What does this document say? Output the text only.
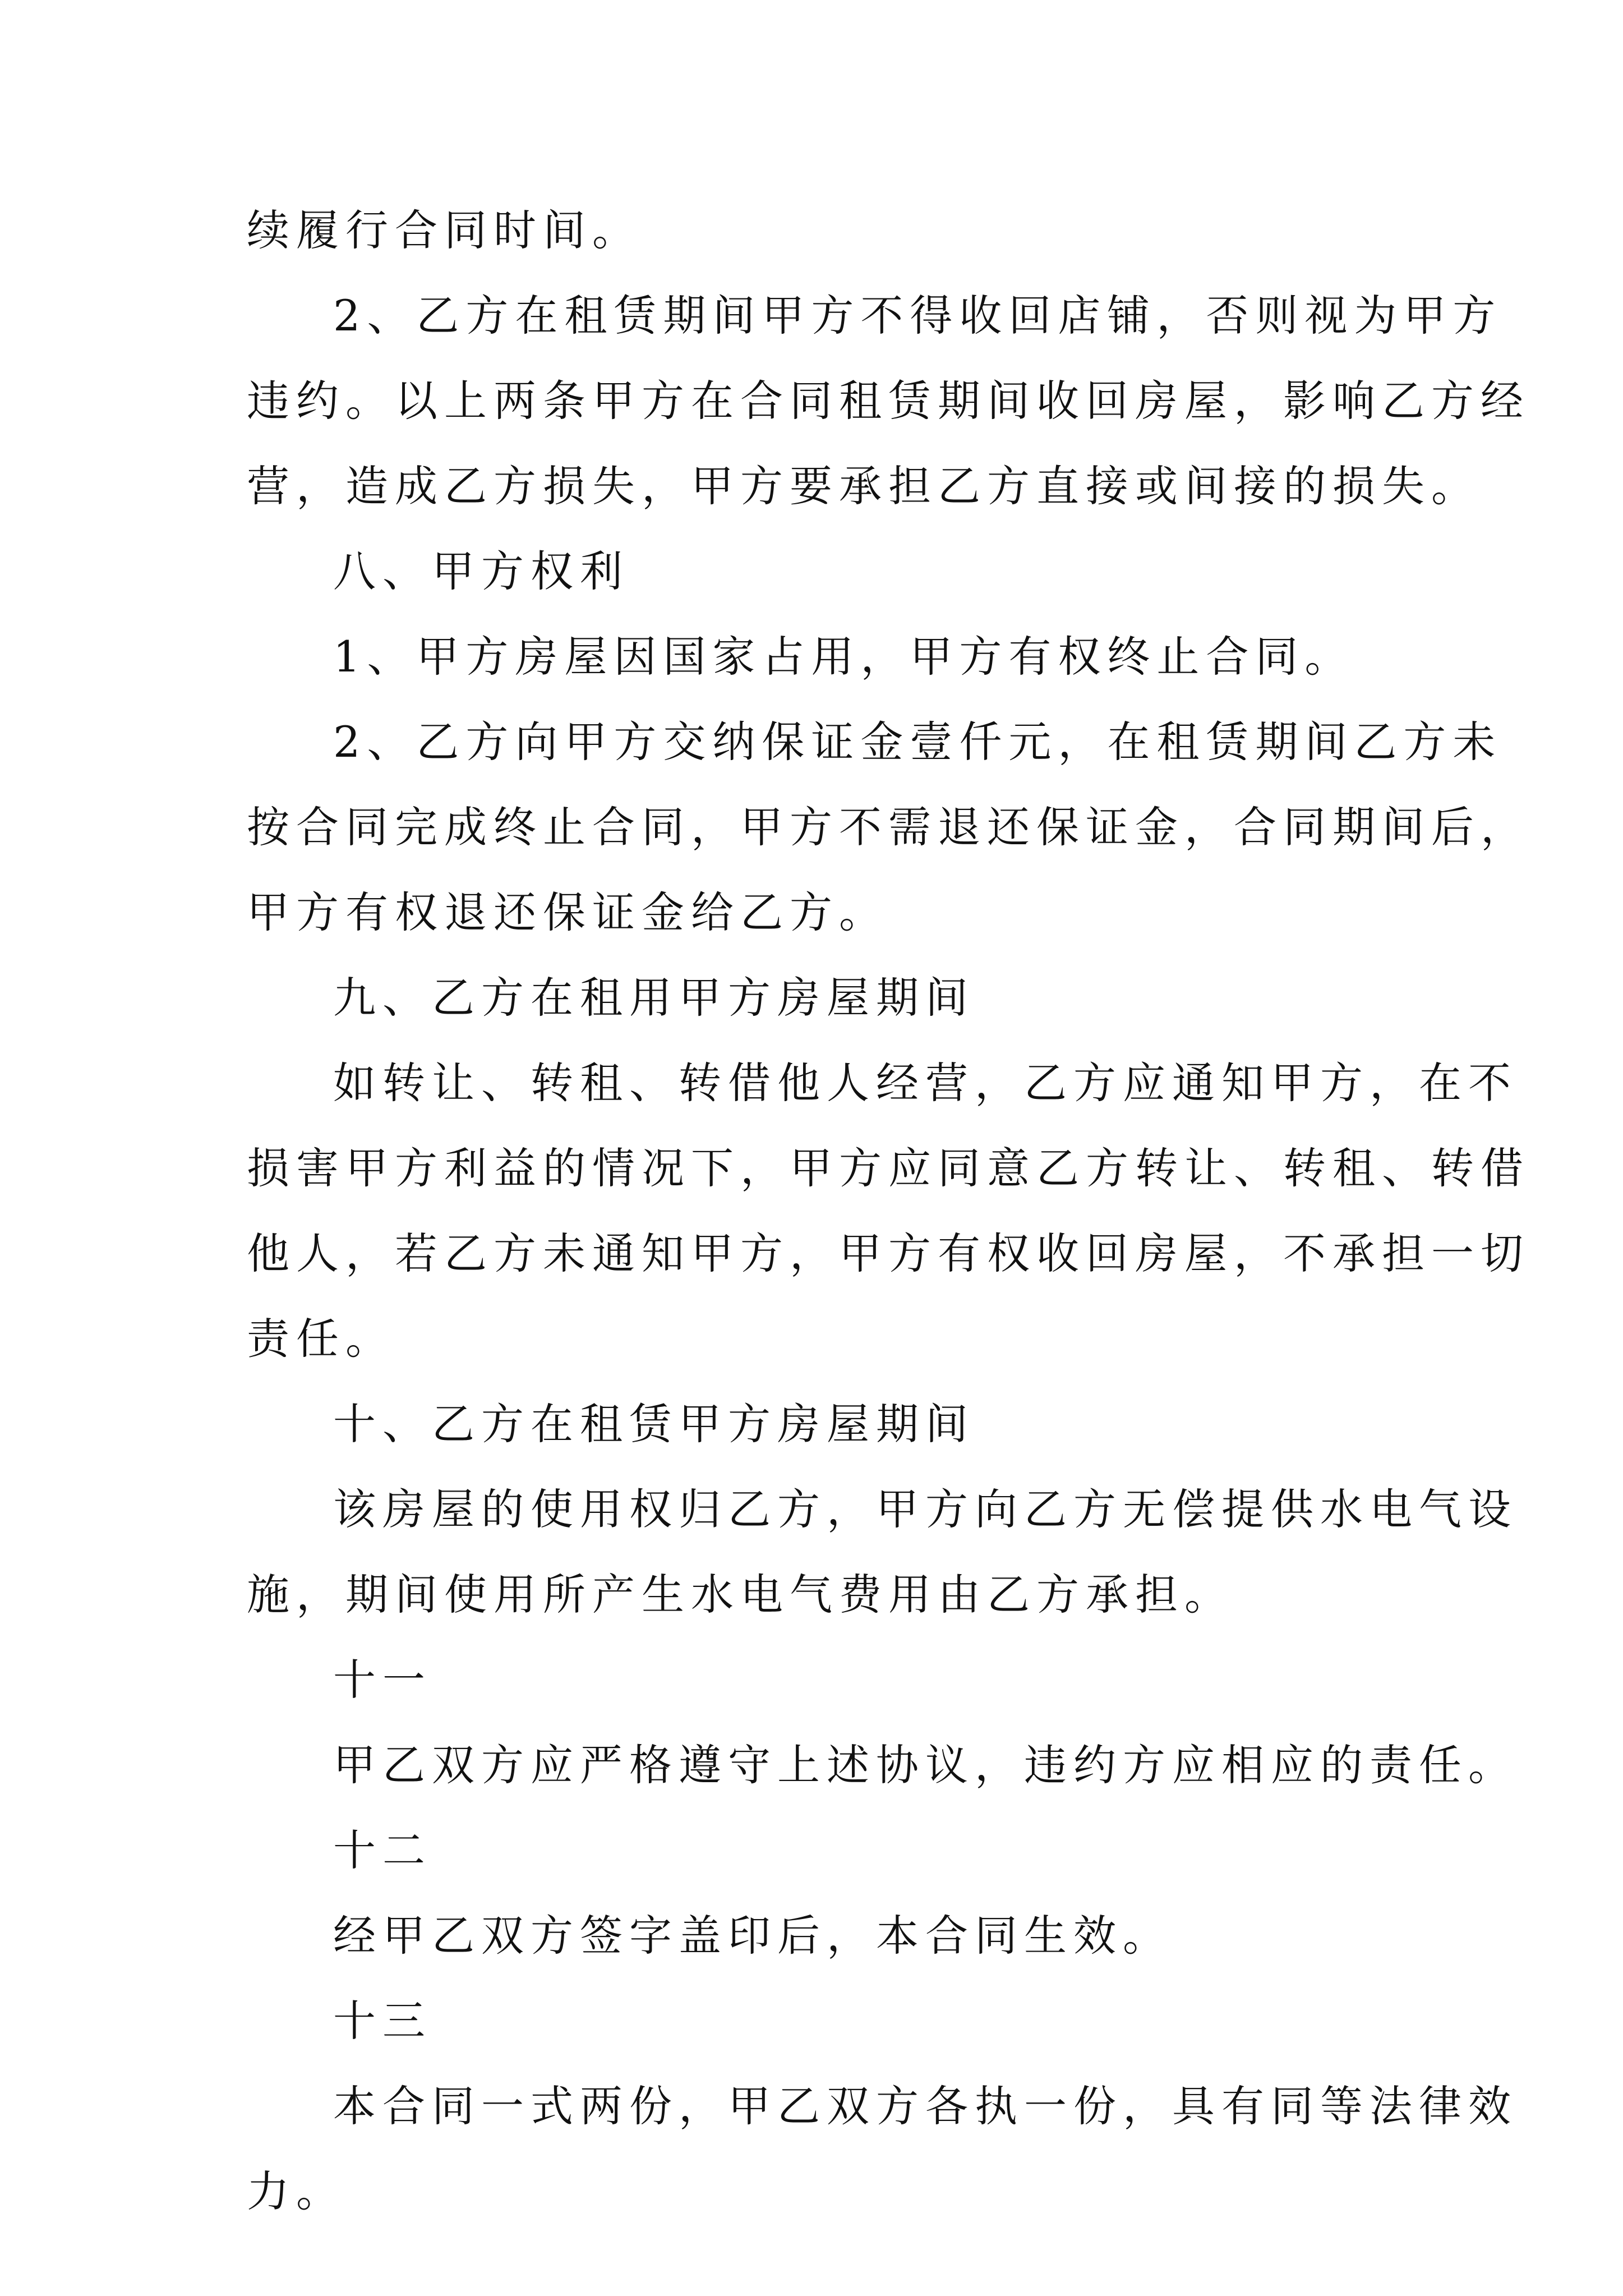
续履行合同时间。
2、乙方在租赁期间甲方不得收回店铺，否则视为甲方
违约。以上两条甲方在合同租赁期间收回房屋，影响乙方经
营，造成乙方损失，甲方要承担乙方直接或间接的损失。
八、甲方权利
1、甲方房屋因国家占用，甲方有权终止合同。
2、乙方向甲方交纳保证金壹仟元，在租赁期间乙方未
按合同完成终止合同，甲方不需退还保证金，合同期间后，
甲方有权退还保证金给乙方。
九、乙方在租用甲方房屋期间
如转让、转租、转借他人经营，乙方应通知甲方，在不
损害甲方利益的情况下，甲方应同意乙方转让、转租、转借
他人，若乙方未通知甲方，甲方有权收回房屋，不承担一切
责任。
十、乙方在租赁甲方房屋期间
该房屋的使用权归乙方，甲方向乙方无偿提供水电气设
施，期间使用所产生水电气费用由乙方承担。
十一
甲乙双方应严格遵守上述协议，违约方应相应的责任。
十二
经甲乙双方签字盖印后，本合同生效。
十三
本合同一式两份，甲乙双方各执一份，具有同等法律效
力。
